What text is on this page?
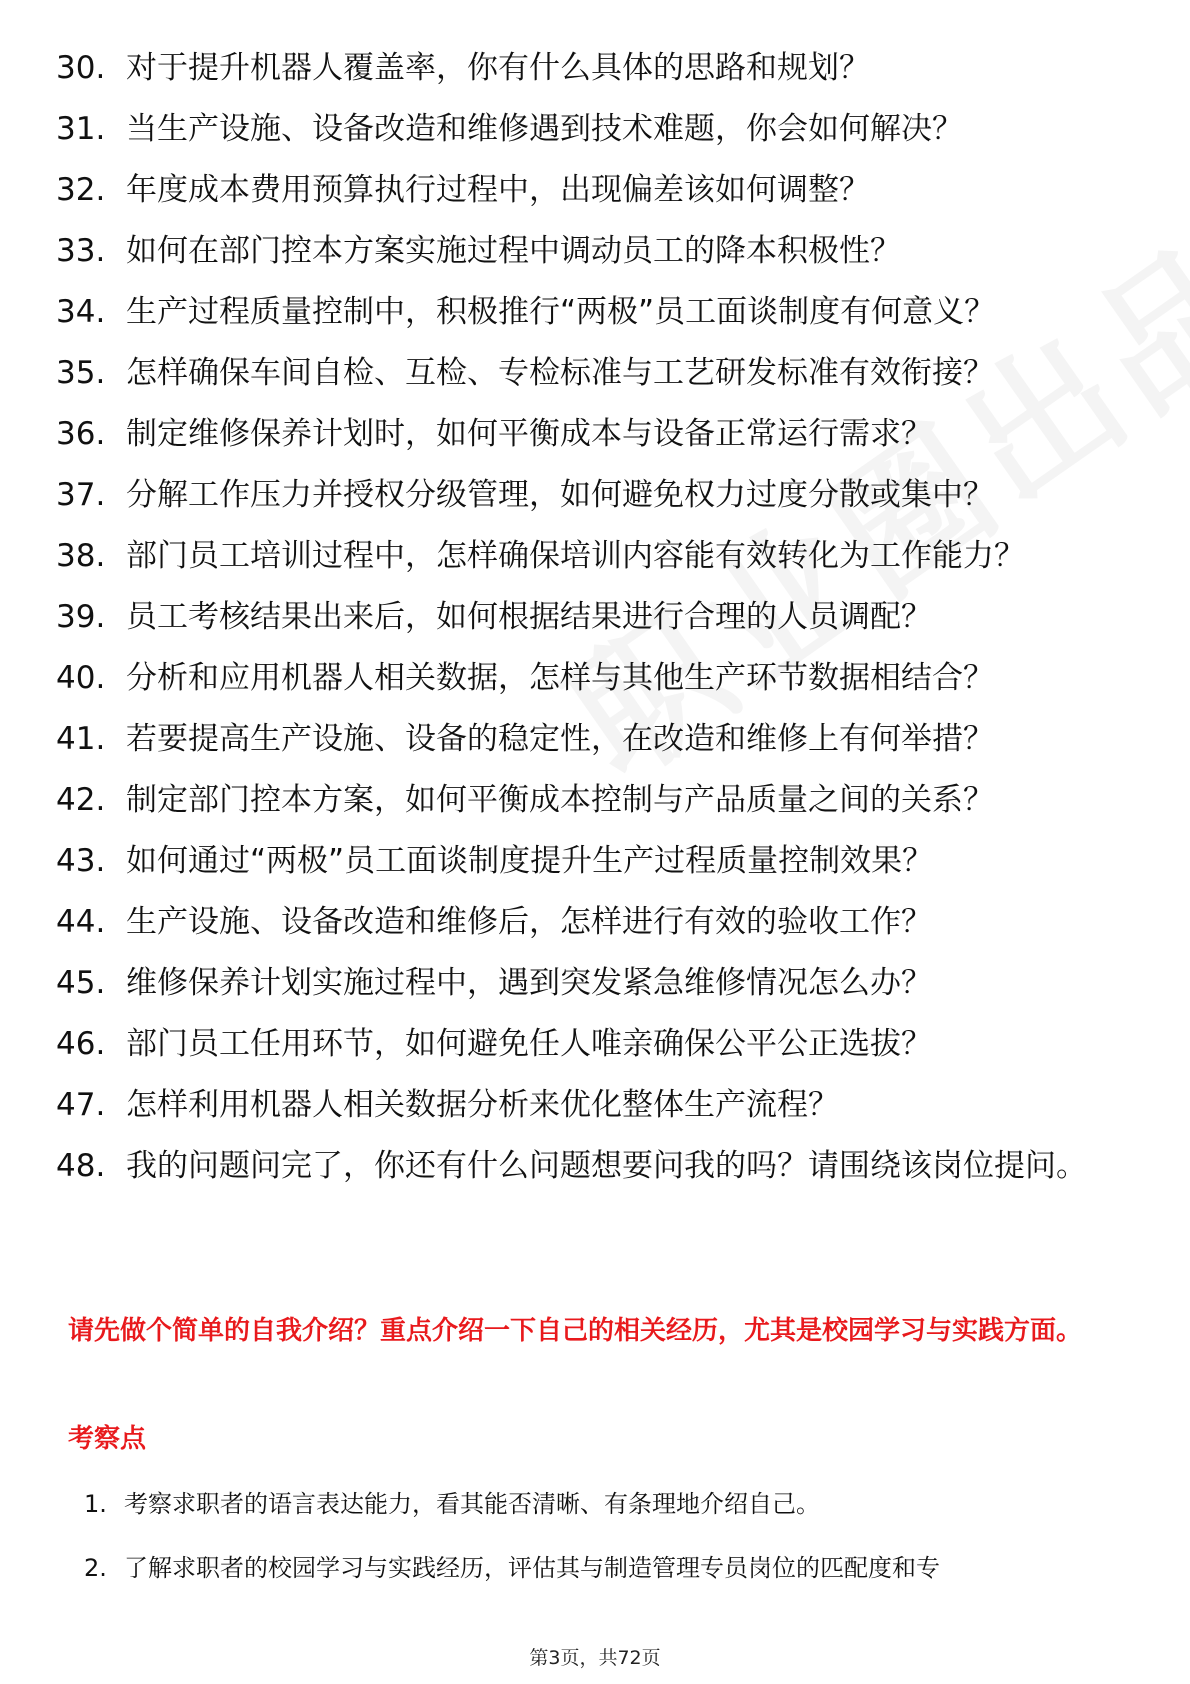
30. 对于提升机器人覆盖率，你有什么具体的思路和规划？
31. 当生产设施、设备改造和维修遇到技术难题，你会如何解决？
32. 年度成本费用预算执行过程中，出现偏差该如何调整？
33. 如何在部门控本方案实施过程中调动员工的降本积极性？
34. 生产过程质量控制中，积极推行“两极”员工面谈制度有何意义？
35. 怎样确保车间自检、互检、专检标准与工艺研发标准有效衔接？
36. 制定维修保养计划时，如何平衡成本与设备正常运行需求？
37. 分解工作压力并授权分级管理，如何避免权力过度分散或集中？
38. 部门员工培训过程中，怎样确保培训内容能有效转化为工作能力？
39. 员工考核结果出来后，如何根据结果进行合理的人员调配？
40. 分析和应用机器人相关数据，怎样与其他生产环节数据相结合？
41. 若要提高生产设施、设备的稳定性，在改造和维修上有何举措？
42. 制定部门控本方案，如何平衡成本控制与产品质量之间的关系？
43. 如何通过“两极”员工面谈制度提升生产过程质量控制效果？
44. 生产设施、设备改造和维修后，怎样进行有效的验收工作？
45. 维修保养计划实施过程中，遇到突发紧急维修情况怎么办？
46. 部门员工任用环节，如何避免任人唯亲确保公平公正选拔？
47. 怎样利用机器人相关数据分析来优化整体生产流程？
48. 我的问题问完了，你还有什么问题想要问我的吗？请围绕该岗位提问。
请先做个简单的自我介绍？重点介绍一下自己的相关经历，尤其是校园学习与实践方面。
考察点
1. 考察求职者的语言表达能力，看其能否清晰、有条理地介绍自己。
2. 了解求职者的校园学习与实践经历，评估其与制造管理专员岗位的匹配度和专
第3页，共72页
